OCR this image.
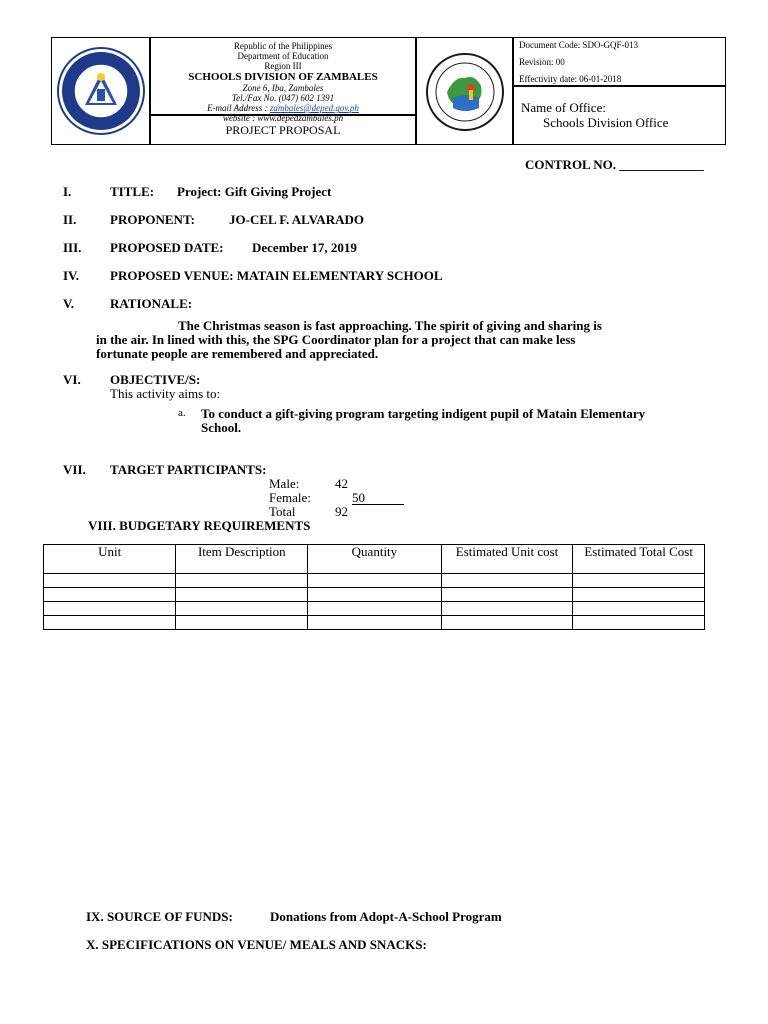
Republic of the Philippines
Department of Education
Region III
SCHOOLS DIVISION OF ZAMBALES
Zone 6, Iba, Zambales
Tel./Fax No. (047) 602 1391
E-mail Address : zambales@deped.gov.ph
website : www.depedzambales.ph
PROJECT PROPOSAL
Document Code: SDO-GQF-013
Revision: 00
Effectivity date: 06-01-2018
Name of Office:
Schools Division Office
CONTROL NO. _____________
I.	TITLE: Project: Gift Giving Project
II.	PROPONENT:	JO-CEL F. ALVARADO
III. PROPOSED DATE: December 17, 2019
IV. PROPOSED VENUE: MATAIN ELEMENTARY SCHOOL
V.	RATIONALE:
The Christmas season is fast approaching. The spirit of giving and sharing is
in the air. In lined with this, the SPG Coordinator plan for a project that can make less
fortunate people are remembered and appreciated.
VI. OBJECTIVE/S:
This activity aims to:
a. To conduct a gift-giving program targeting indigent pupil of Matain Elementary
School.
VII. TARGET PARTICIPANTS:
Male:	42
Female:	50
Total	92
VIII. BUDGETARY REQUIREMENTS
Unit	Item Description	Quantity	Estimated Unit cost	Estimated Total Cost

IX. SOURCE OF FUNDS:	Donations from Adopt-A-School Program
X. SPECIFICATIONS ON VENUE/ MEALS AND SNACKS:
